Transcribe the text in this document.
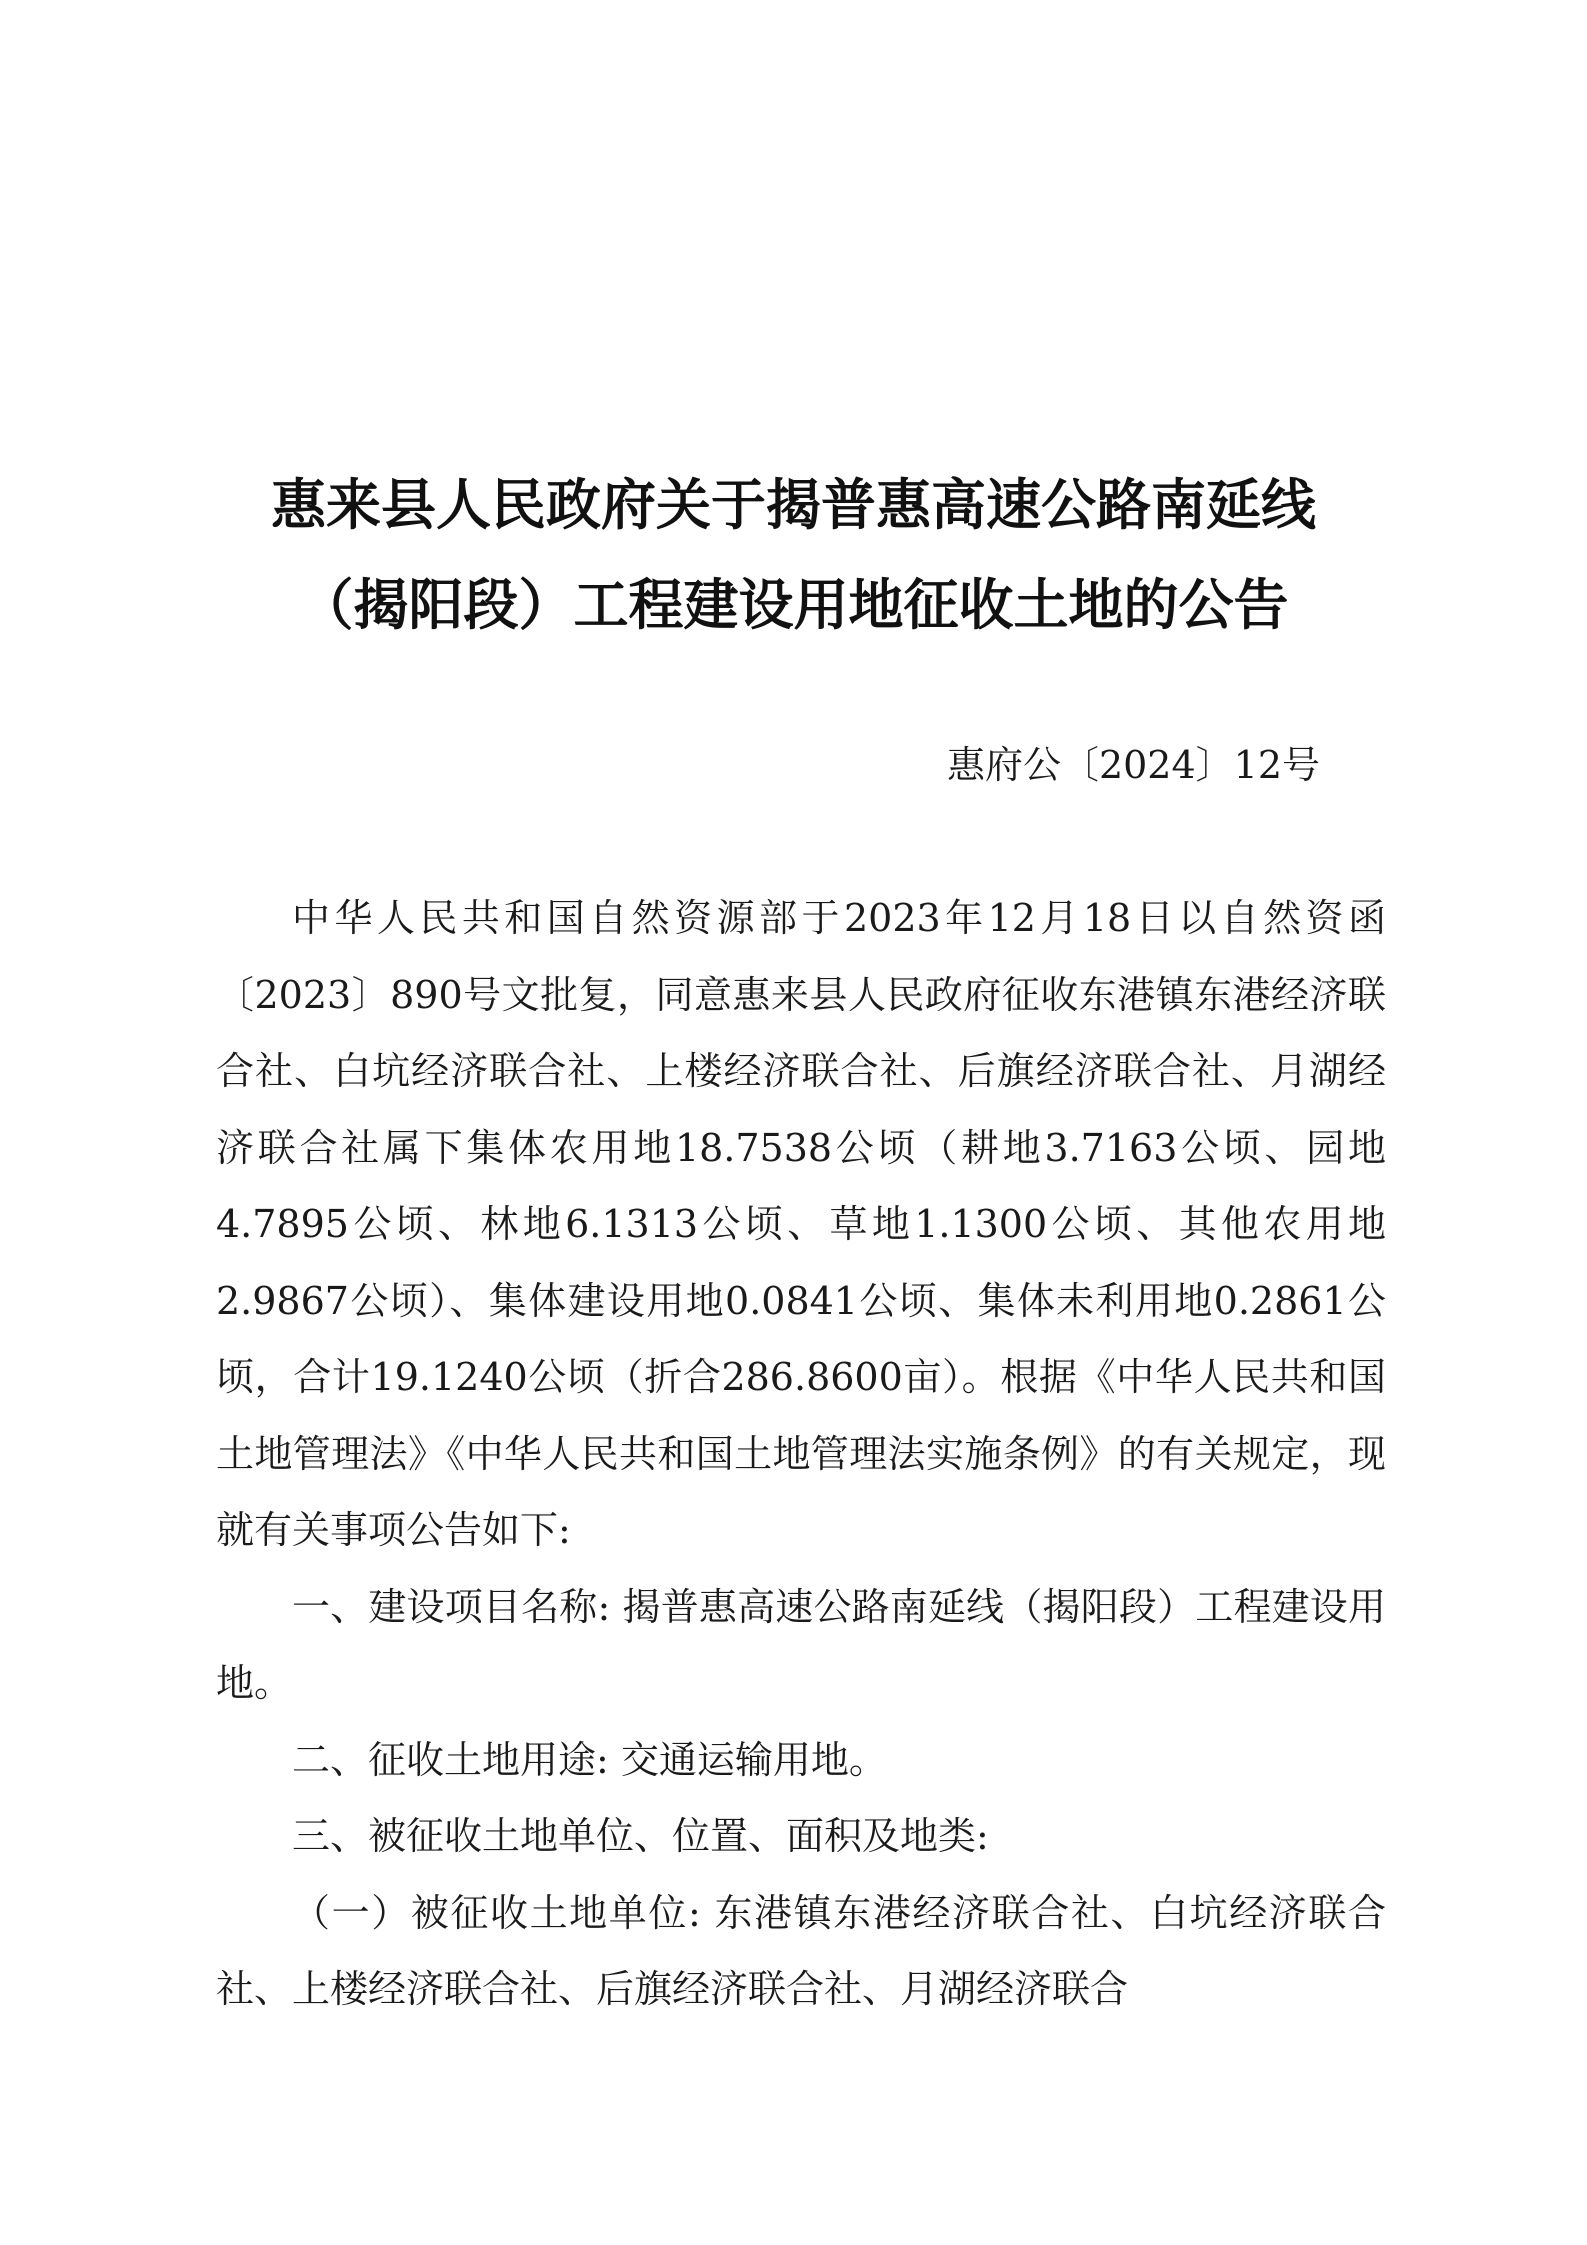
惠来县人民政府关于揭普惠高速公路南延线
（揭阳段）工程建设用地征收土地的公告
惠府公〔2024〕12号

中华人民共和国自然资源部于2023年12月18日以自然资函〔2023〕890号文批复，同意惠来县人民政府征收东港镇东港经济联合社、白坑经济联合社、上楼经济联合社、后旗经济联合社、月湖经济联合社属下集体农用地18.7538公顷（耕地3.7163公顷、园地4.7895公顷、林地6.1313公顷、草地1.1300公顷、其他农用地2.9867公顷）、集体建设用地0.0841公顷、集体未利用地0.2861公顷，合计19.1240公顷（折合286.8600亩）。根据《中华人民共和国土地管理法》《中华人民共和国土地管理法实施条例》的有关规定，现就有关事项公告如下:

一、建设项目名称: 揭普惠高速公路南延线（揭阳段）工程建设用地。

二、征收土地用途: 交通运输用地。

三、被征收土地单位、位置、面积及地类:

（一）被征收土地单位: 东港镇东港经济联合社、白坑经济联合社、上楼经济联合社、后旗经济联合社、月湖经济联合
